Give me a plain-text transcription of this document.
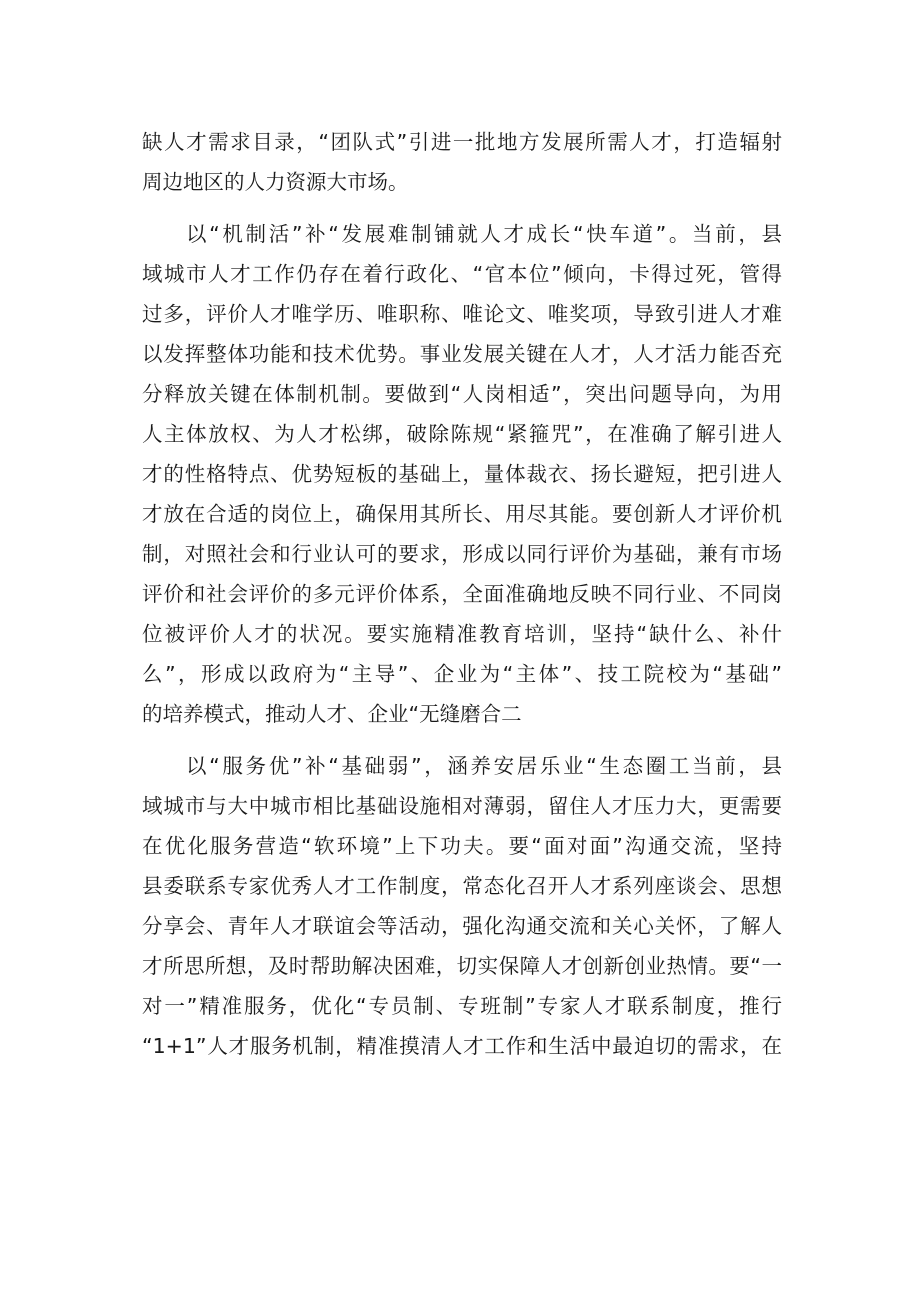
缺人才需求目录，“团队式”引进一批地方发展所需人才，打造辐射
周边地区的人力资源大市场。
以“机制活”补“发展难制铺就人才成长“快车道”。当前，县
域城市人才工作仍存在着行政化、“官本位”倾向，卡得过死，管得
过多，评价人才唯学历、唯职称、唯论文、唯奖项，导致引进人才难
以发挥整体功能和技术优势。事业发展关键在人才，人才活力能否充
分释放关键在体制机制。要做到“人岗相适”，突出问题导向，为用
人主体放权、为人才松绑，破除陈规“紧箍咒”，在准确了解引进人
才的性格特点、优势短板的基础上，量体裁衣、扬长避短，把引进人
才放在合适的岗位上，确保用其所长、用尽其能。要创新人才评价机
制，对照社会和行业认可的要求，形成以同行评价为基础，兼有市场
评价和社会评价的多元评价体系，全面准确地反映不同行业、不同岗
位被评价人才的状况。要实施精准教育培训，坚持“缺什么、补什
么”，形成以政府为“主导”、企业为“主体”、技工院校为“基础”
的培养模式，推动人才、企业“无缝磨合二
以“服务优”补“基础弱”，涵养安居乐业“生态圈工当前，县
域城市与大中城市相比基础设施相对薄弱，留住人才压力大，更需要
在优化服务营造“软环境”上下功夫。要“面对面”沟通交流，坚持
县委联系专家优秀人才工作制度，常态化召开人才系列座谈会、思想
分享会、青年人才联谊会等活动，强化沟通交流和关心关怀，了解人
才所思所想，及时帮助解决困难，切实保障人才创新创业热情。要“一
对一”精准服务，优化“专员制、专班制”专家人才联系制度，推行
“1+1”人才服务机制，精准摸清人才工作和生活中最迫切的需求，在
